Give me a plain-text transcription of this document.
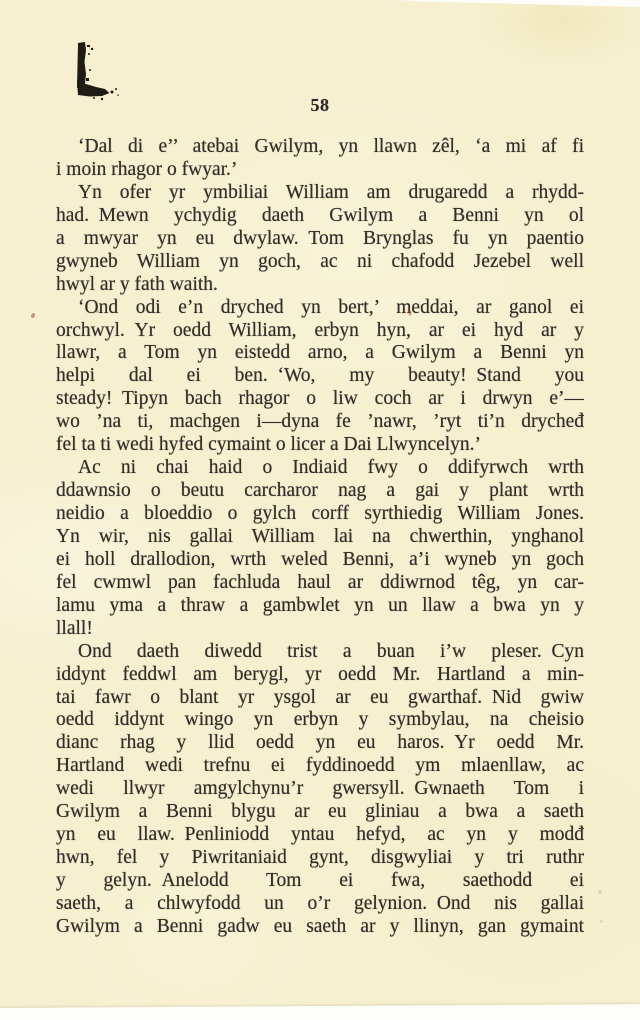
58
‘Dal di e’’ atebai Gwilym, yn llawn zêl, ‘a mi af fi
i moin rhagor o fwyar.’
Yn ofer yr ymbiliai William am drugaredd a rhydd-
had. Mewn ychydig daeth Gwilym a Benni yn ol
a mwyar yn eu dwylaw. Tom Brynglas fu yn paentio
gwyneb William yn goch, ac ni chafodd Jezebel well
hwyl ar y fath waith.
‘Ond odi e’n dryched yn bert,’ meddai, ar ganol ei
orchwyl. Yr oedd William, erbyn hyn, ar ei hyd ar y
llawr, a Tom yn eistedd arno, a Gwilym a Benni yn
helpi dal ei ben. ‘Wo, my beauty! Stand you
steady! Tipyn bach rhagor o liw coch ar i drwyn e’—
wo ’na ti, machgen i—dyna fe ’nawr, ’ryt ti’n drycheđ
fel ta ti wedi hyfed cymaint o licer a Dai Llwyncelyn.’
Ac ni chai haid o Indiaid fwy o ddifyrwch wrth
ddawnsio o beutu carcharor nag a gai y plant wrth
neidio a bloeddio o gylch corff syrthiedig William Jones.
Yn wir, nis gallai William lai na chwerthin, ynghanol
ei holl drallodion, wrth weled Benni, a’i wyneb yn goch
fel cwmwl pan fachluda haul ar ddiwrnod têg, yn car-
lamu yma a thraw a gambwlet yn un llaw a bwa yn y
llall!
Ond daeth diwedd trist a buan i’w pleser. Cyn
iddynt feddwl am berygl, yr oedd Mr. Hartland a min-
tai fawr o blant yr ysgol ar eu gwarthaf. Nid gwiw
oedd iddynt wingo yn erbyn y symbylau, na cheisio
dianc rhag y llid oedd yn eu haros. Yr oedd Mr.
Hartland wedi trefnu ei fyddinoedd ym mlaenllaw, ac
wedi llwyr amgylchynu’r gwersyll. Gwnaeth Tom i
Gwilym a Benni blygu ar eu gliniau a bwa a saeth
yn eu llaw. Penliniodd yntau hefyd, ac yn y modđ
hwn, fel y Piwritaniaid gynt, disgwyliai y tri ruthr
y gelyn. Anelodd Tom ei fwa, saethodd ei
saeth, a chlwyfodd un o’r gelynion. Ond nis gallai
Gwilym a Benni gadw eu saeth ar y llinyn, gan gymaint
